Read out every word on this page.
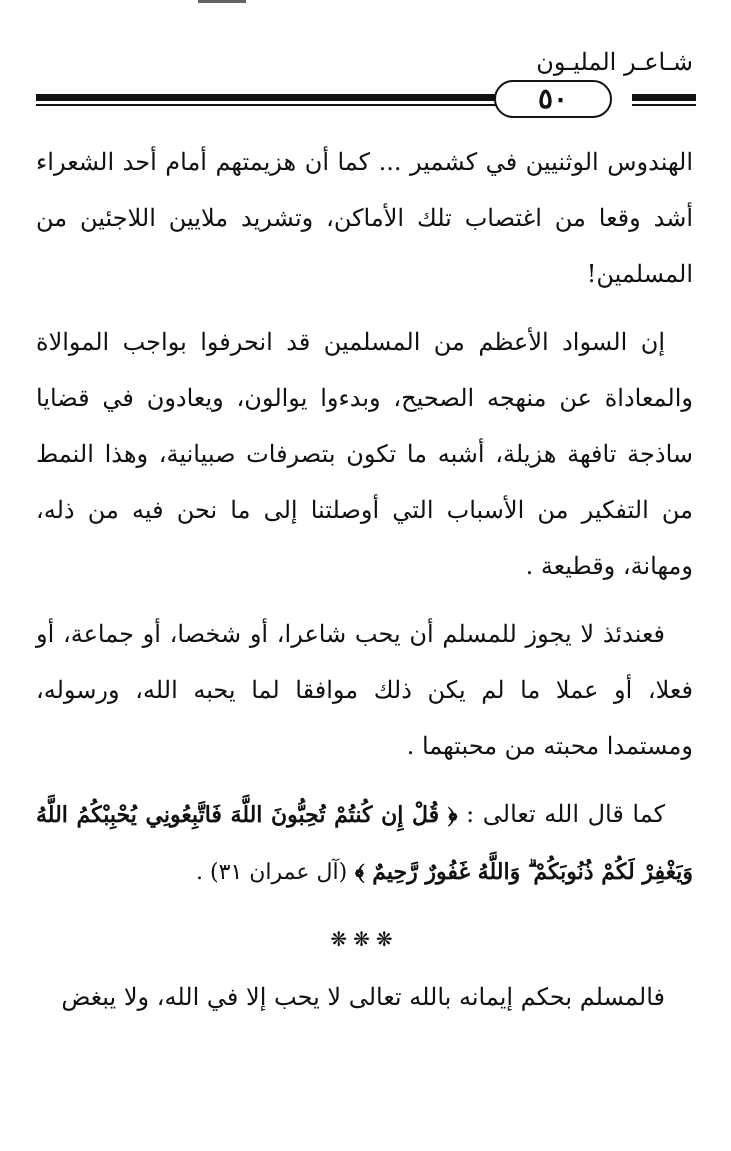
شـاعـر المليـون
٥٠

الهندوس الوثنيين في كشمير ... كما أن هزيمتهم أمام أحد الشعراء أشد وقعا من اغتصاب تلك الأماكن، وتشريد ملايين اللاجئين من المسلمين!

إن السواد الأعظم من المسلمين قد انحرفوا بواجب الموالاة والمعاداة عن منهجه الصحيح، وبدءوا يوالون، ويعادون في قضايا ساذجة تافهة هزيلة، أشبه ما تكون بتصرفات صبيانية، وهذا النمط من التفكير من الأسباب التي أوصلتنا إلى ما نحن فيه من ذله، ومهانة، وقطيعة .

فعندئذ لا يجوز للمسلم أن يحب شاعرا، أو شخصا، أو جماعة، أو فعلا، أو عملا ما لم يكن ذلك موافقا لما يحبه الله، ورسوله، ومستمدا محبته من محبتهما .

كما قال الله تعالى : ﴿ قُلْ إِن كُنتُمْ تُحِبُّونَ اللَّهَ فَاتَّبِعُونِي يُحْبِبْكُمُ اللَّهُ وَيَغْفِرْ لَكُمْ ذُنُوبَكُمْ ۗ وَاللَّهُ غَفُورٌ رَّحِيمٌ ﴾ (آل عمران ٣١) .

❋❋❋

فالمسلم بحكم إيمانه بالله تعالى لا يحب إلا في الله، ولا يبغض
